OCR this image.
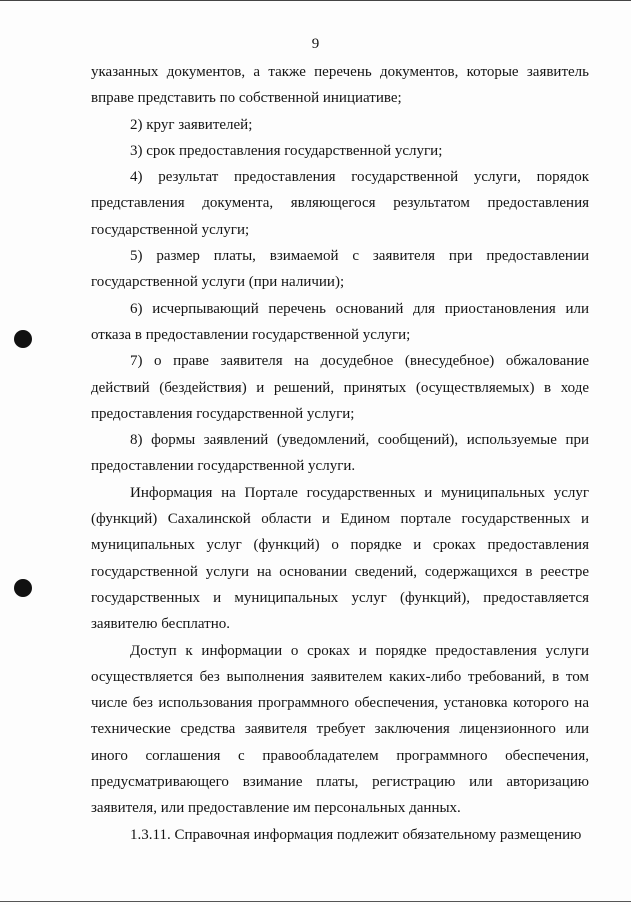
9

указанных документов, а также перечень документов, которые заявитель вправе представить по собственной инициативе;

2) круг заявителей;

3) срок предоставления государственной услуги;

4) результат предоставления государственной услуги, порядок представления документа, являющегося результатом предоставления государственной услуги;

5) размер платы, взимаемой с заявителя при предоставлении государственной услуги (при наличии);

6) исчерпывающий перечень оснований для приостановления или отказа в предоставлении государственной услуги;

7) о праве заявителя на досудебное (внесудебное) обжалование действий (бездействия) и решений, принятых (осуществляемых) в ходе предоставления государственной услуги;

8) формы заявлений (уведомлений, сообщений), используемые при предоставлении государственной услуги.

Информация на Портале государственных и муниципальных услуг (функций) Сахалинской области и Едином портале государственных и муниципальных услуг (функций) о порядке и сроках предоставления государственной услуги на основании сведений, содержащихся в реестре государственных и муниципальных услуг (функций), предоставляется заявителю бесплатно.

Доступ к информации о сроках и порядке предоставления услуги осуществляется без выполнения заявителем каких-либо требований, в том числе без использования программного обеспечения, установка которого на технические средства заявителя требует заключения лицензионного или иного соглашения с правообладателем программного обеспечения, предусматривающего взимание платы, регистрацию или авторизацию заявителя, или предоставление им персональных данных.

1.3.11. Справочная информация подлежит обязательному размещению
